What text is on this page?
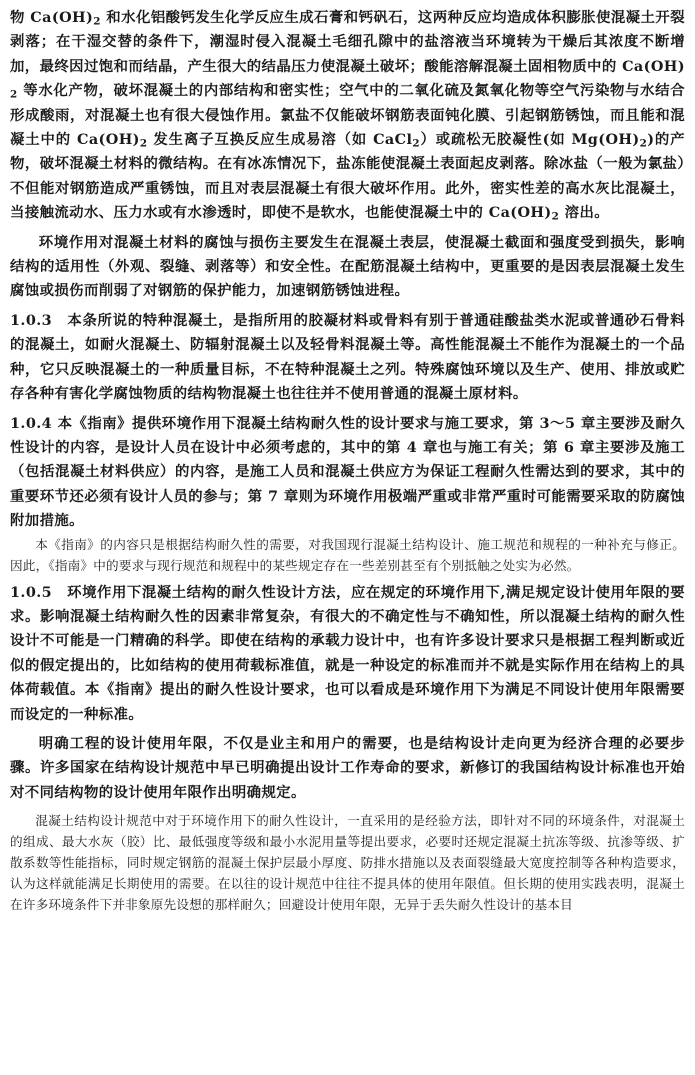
物 $Ca(OH)_2$ 和水化铝酸钙发生化学反应生成石膏和钙矾石，这两种反应均造成体积膨胀使混凝土开裂剥落；在干湿交替的条件下，潮湿时侵入混凝土毛细孔隙中的盐溶液当环境转为干燥后其浓度不断增加，最终因过饱和而结晶，产生很大的结晶压力使混凝土破坏；酸能溶解混凝土固相物质中的 $Ca(OH)_2$ 等水化产物，破坏混凝土的内部结构和密实性；空气中的二氧化硫及氮氧化物等空气污染物与水结合形成酸雨，对混凝土也有很大侵蚀作用。氯盐不仅能破坏钢筋表面钝化膜、引起钢筋锈蚀，而且能和混凝土中的 $Ca(OH)_2$ 发生离子互换反应生成易溶（如 CaCl$_2$）或疏松无胶凝性(如 $Mg(OH)_2$)的产物，破坏混凝土材料的微结构。在有冰冻情况下，盐冻能使混凝土表面起皮剥落。除冰盐（一般为氯盐）不但能对钢筋造成严重锈蚀，而且对表层混凝土有很大破坏作用。此外，密实性差的高水灰比混凝土，当接触流动水、压力水或有水渗透时，即使不是软水，也能使混凝土中的 $Ca(OH)_2$ 溶出。

环境作用对混凝土材料的腐蚀与损伤主要发生在混凝土表层，使混凝土截面和强度受到损失，影响结构的适用性（外观、裂缝、剥落等）和安全性。在配筋混凝土结构中，更重要的是因表层混凝土发生腐蚀或损伤而削弱了对钢筋的保护能力，加速钢筋锈蚀进程。

1.0.3　本条所说的特种混凝土，是指所用的胶凝材料或骨料有别于普通硅酸盐类水泥或普通砂石骨料的混凝土，如耐火混凝土、防辐射混凝土以及轻骨料混凝土等。高性能混凝土不能作为混凝土的一个品种，它只反映混凝土的一种质量目标，不在特种混凝土之列。特殊腐蚀环境以及生产、使用、排放或贮存各种有害化学腐蚀物质的结构物混凝土也往往并不使用普通的混凝土原材料。

1.0.4 本《指南》提供环境作用下混凝土结构耐久性的设计要求与施工要求，第 3～5 章主要涉及耐久性设计的内容，是设计人员在设计中必须考虑的，其中的第 4 章也与施工有关；第 6 章主要涉及施工（包括混凝土材料供应）的内容，是施工人员和混凝土供应方为保证工程耐久性需达到的要求，其中的重要环节还必须有设计人员的参与；第 7 章则为环境作用极端严重或非常严重时可能需要采取的防腐蚀附加措施。

本《指南》的内容只是根据结构耐久性的需要，对我国现行混凝土结构设计、施工规范和规程的一种补充与修正。因此，《指南》中的要求与现行规范和规程中的某些规定存在一些差别甚至有个别抵触之处实为必然。

1.0.5　环境作用下混凝土结构的耐久性设计方法，应在规定的环境作用下,满足规定设计使用年限的要求。影响混凝土结构耐久性的因素非常复杂，有很大的不确定性与不确知性，所以混凝土结构的耐久性设计不可能是一门精确的科学。即使在结构的承载力设计中，也有许多设计要求只是根据工程判断或近似的假定提出的，比如结构的使用荷载标准值，就是一种设定的标准而并不就是实际作用在结构上的具体荷载值。本《指南》提出的耐久性设计要求，也可以看成是环境作用下为满足不同设计使用年限需要而设定的一种标准。

明确工程的设计使用年限，不仅是业主和用户的需要，也是结构设计走向更为经济合理的必要步骤。许多国家在结构设计规范中早已明确提出设计工作寿命的要求，新修订的我国结构设计标准也开始对不同结构物的设计使用年限作出明确规定。

混凝土结构设计规范中对于环境作用下的耐久性设计，一直采用的是经验方法，即针对不同的环境条件，对混凝土的组成、最大水灰（胶）比、最低强度等级和最小水泥用量等提出要求，必要时还规定混凝土抗冻等级、抗渗等级、扩散系数等性能指标，同时规定钢筋的混凝土保护层最小厚度、防排水措施以及表面裂缝最大宽度控制等各种构造要求，认为这样就能满足长期使用的需要。在以往的设计规范中往往不提具体的使用年限值。但长期的使用实践表明，混凝土在许多环境条件下并非象原先设想的那样耐久；回避设计使用年限，无异于丢失耐久性设计的基本目
